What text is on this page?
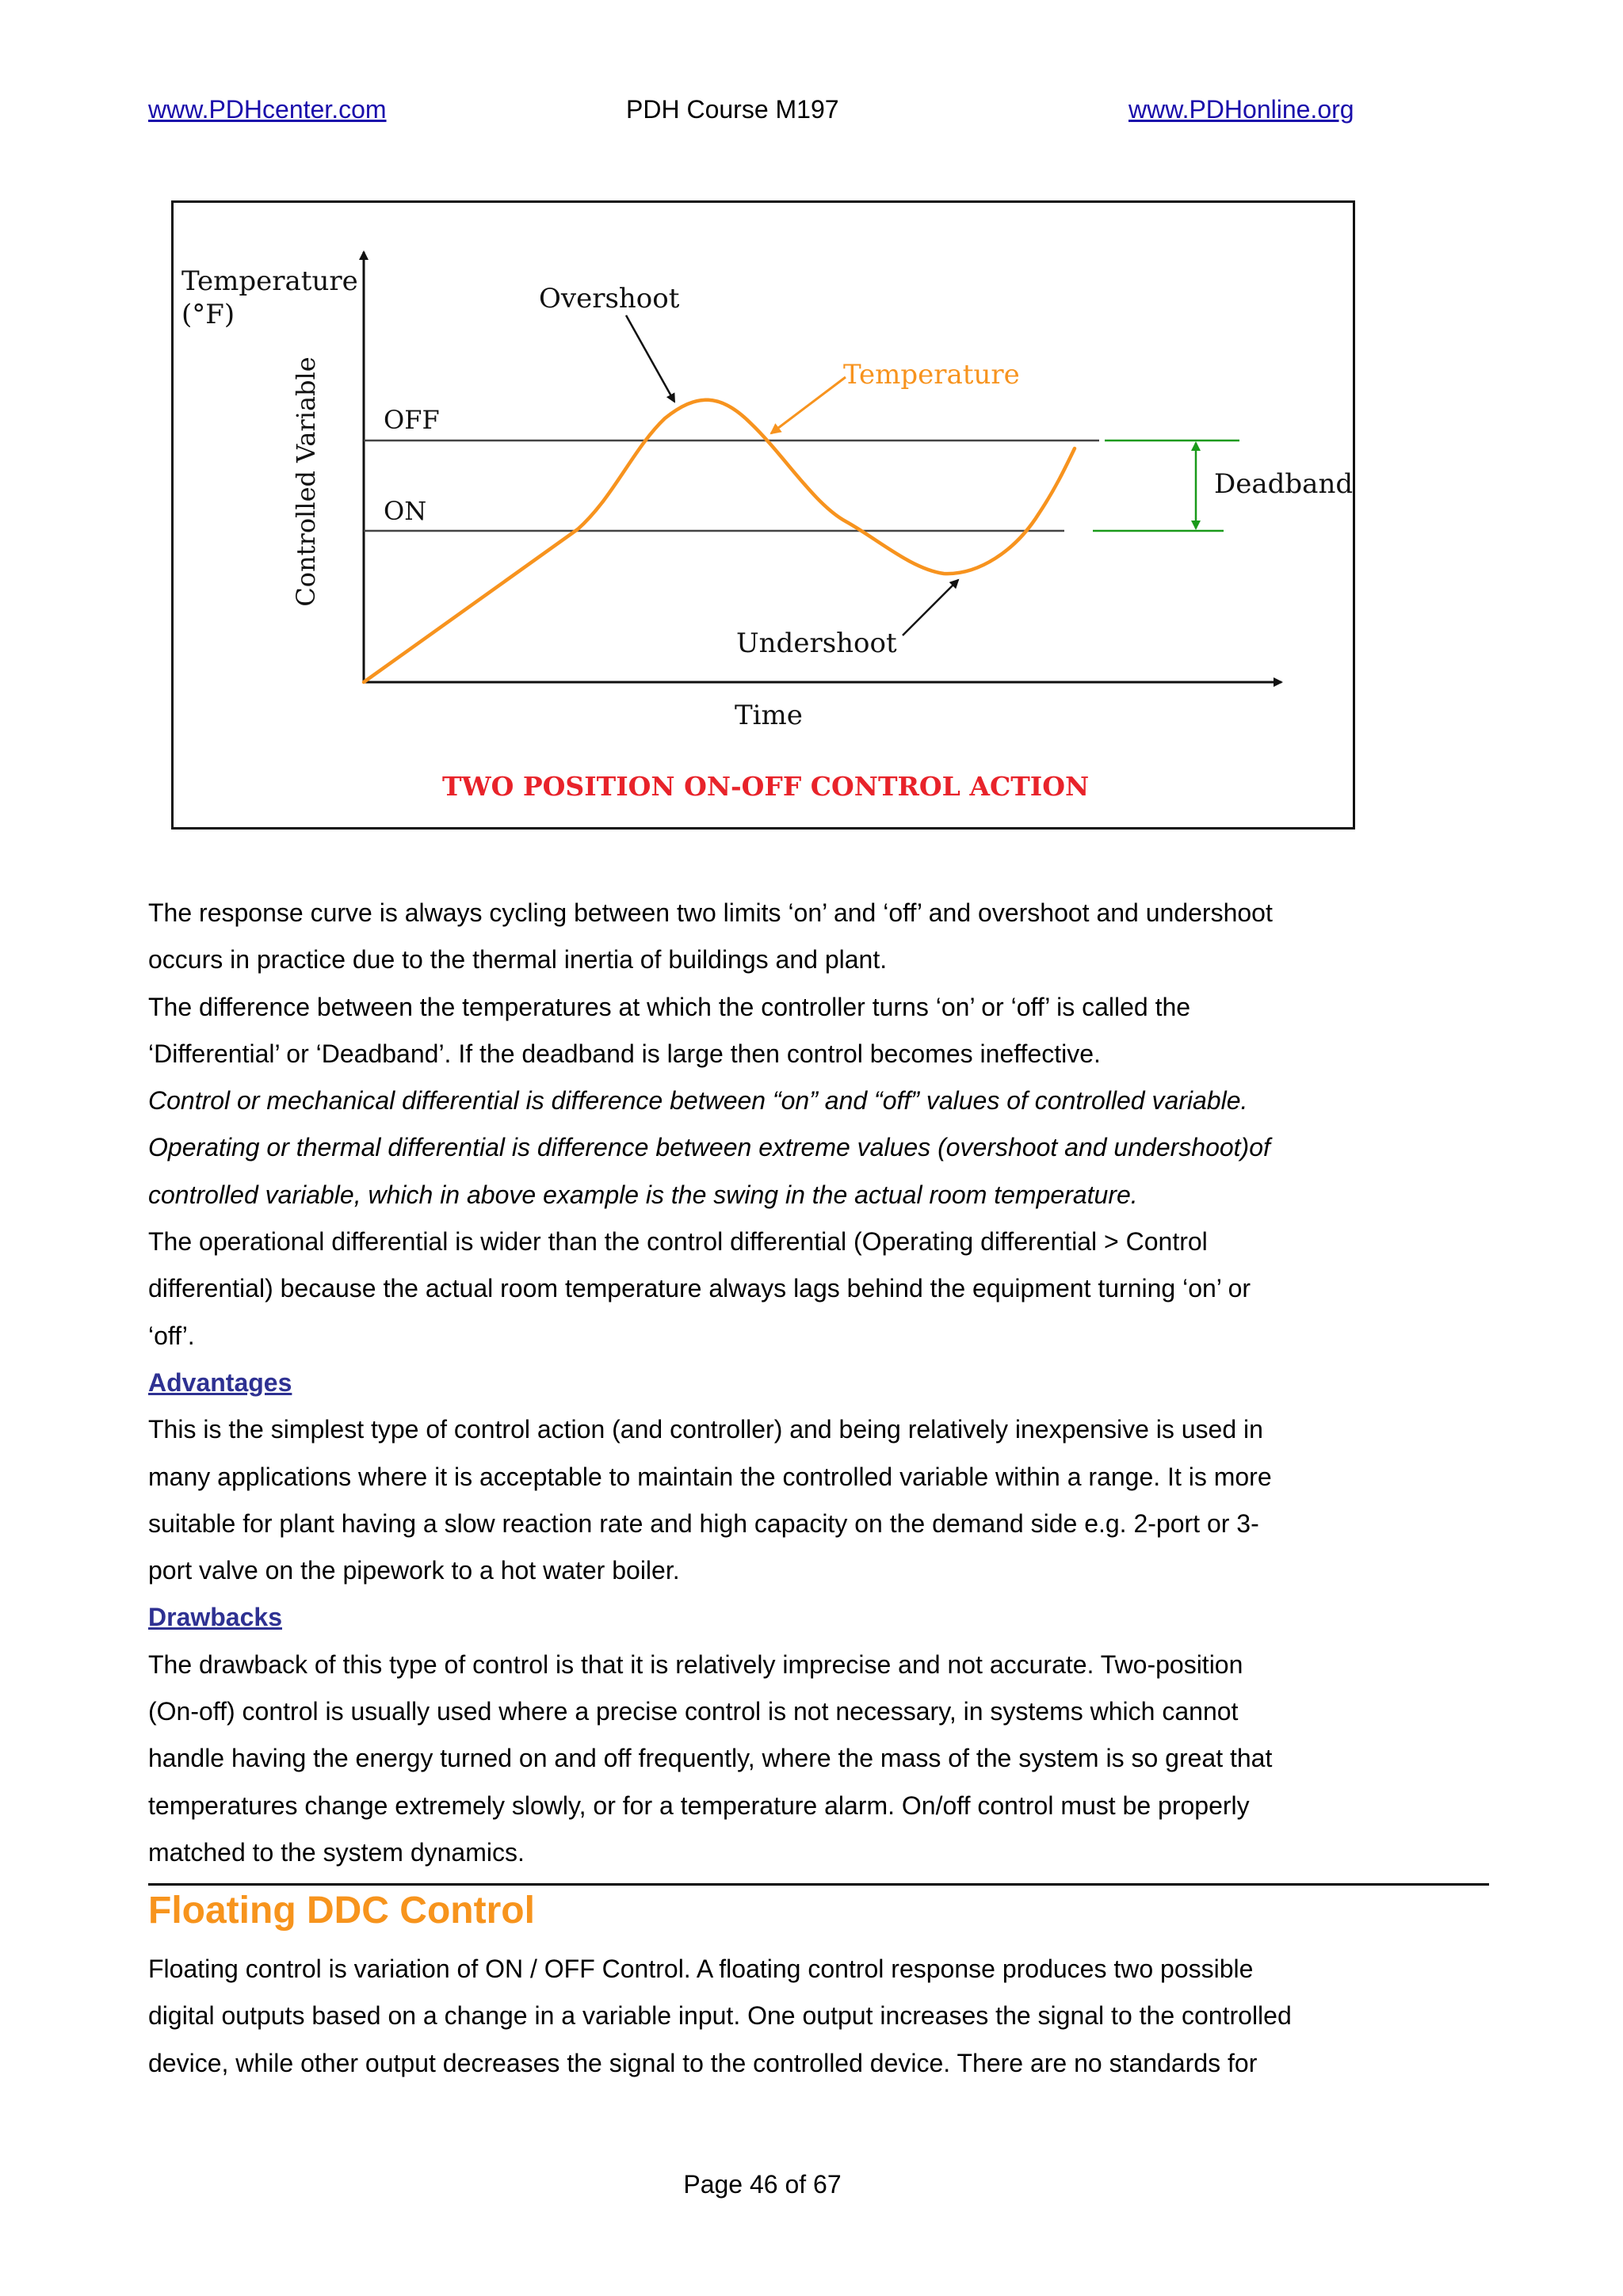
www.PDHcenter.com	PDH Course M197	www.PDHonline.org
Temperature
(°F)
Controlled Variable OFF
ON
Overshoot
Temperature
Deadband
Undershoot
Time
TWO POSITION ON-OFF CONTROL ACTION

The response curve is always cycling between two limits ‘on’ and ‘off’ and overshoot and undershoot

occurs in practice due to the thermal inertia of buildings and plant.

The difference between the temperatures at which the controller turns ‘on’ or ‘off’ is called the

‘Differential’ or ‘Deadband’. If the deadband is large then control becomes ineffective.

Control or mechanical differential is difference between “on” and “off” values of controlled variable.

Operating or thermal differential is difference between extreme values (overshoot and undershoot)of

controlled variable, which in above example is the swing in the actual room temperature.

The operational differential is wider than the control differential (Operating differential > Control

differential) because the actual room temperature always lags behind the equipment turning ‘on’ or

‘off’.

Advantages

This is the simplest type of control action (and controller) and being relatively inexpensive is used in

many applications where it is acceptable to maintain the controlled variable within a range. It is more

suitable for plant having a slow reaction rate and high capacity on the demand side e.g. 2-port or 3-

port valve on the pipework to a hot water boiler.

Drawbacks

The drawback of this type of control is that it is relatively imprecise and not accurate. Two-position

(On-off) control is usually used where a precise control is not necessary, in systems which cannot

handle having the energy turned on and off frequently, where the mass of the system is so great that

temperatures change extremely slowly, or for a temperature alarm. On/off control must be properly

matched to the system dynamics.

Floating DDC Control

Floating control is variation of ON / OFF Control. A floating control response produces two possible

digital outputs based on a change in a variable input. One output increases the signal to the controlled

device, while other output decreases the signal to the controlled device. There are no standards for

Page 46 of 67
